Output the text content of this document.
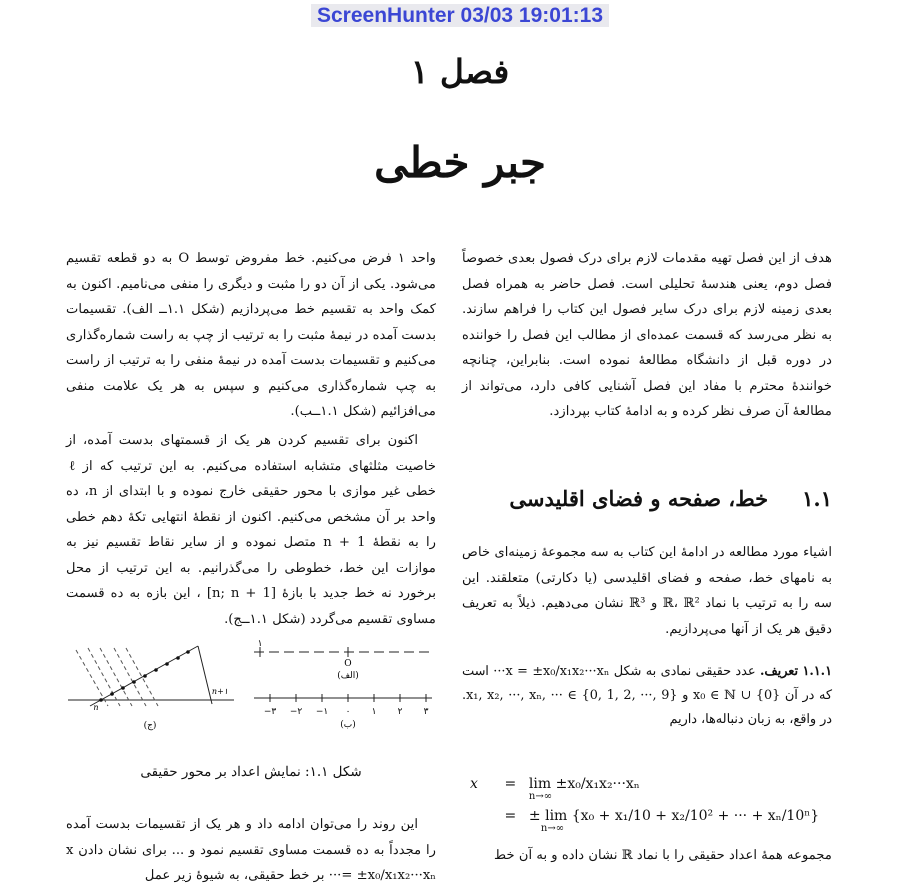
ScreenHunter 03/03 19:01:13
فصل ۱
جبر خطی

هدف از این فصل تهیه مقدمات لازم برای درک فصول بعدی خصوصاً فصل دوم، یعنی هندسهٔ تحلیلی است. فصل حاضر به همراه فصل بعدی زمینه لازم برای درک سایر فصول این کتاب را فراهم سازند. به نظر می‌رسد که قسمت عمده‌ای از مطالب این فصل را خواننده در دوره قبل از دانشگاه مطالعهٔ نموده است. بنابراین، چنانچه خوانندهٔ محترم با مفاد این فصل آشنایی کافی دارد، می‌تواند از مطالعهٔ آن صرف نظر کرده و به ادامهٔ کتاب بپردازد.

۱.۱خط، صفحه و فضای اقلیدسی

اشیاء مورد مطالعه در ادامهٔ این کتاب به سه مجموعهٔ زمینه‌ای خاص به نامهای خط، صفحه و فضای اقلیدسی (یا دکارتی) متعلقند. این سه را به ترتیب با نماد ℝ، ℝ² و ℝ³ نشان می‌دهیم. ذیلاً به تعریف دقیق هر یک از آنها می‌پردازیم.

۱.۱.۱ تعریف. عدد حقیقی نمادی به شکل x = ±x₀/x₁x₂···xₙ··· است که در آن x₀ ∈ ℕ ∪ {0} و x₁, x₂, ···, xₙ, ··· ∈ {0, 1, 2, ···, 9}. در واقع، به زبان دنباله‌ها، داریم

x = lim ±x₀/x₁x₂···xₙ
n→∞
= ± lim {x₀ + x₁/10 + x₂/10² + ··· + xₙ/10ⁿ}
n→∞

مجموعه همهٔ اعداد حقیقی را با نماد ℝ نشان داده و به آن خط

واحد ۱ فرض می‌کنیم. خط مفروض توسط O به دو قطعه تقسیم می‌شود. یکی از آن دو را مثبت و دیگری را منفی می‌نامیم. اکنون به کمک واحد به تقسیم خط می‌پردازیم (شکل ۱.۱ــ الف). تقسیمات بدست آمده در نیمهٔ مثبت را به ترتیب از چپ به راست شماره‌گذاری می‌کنیم و تقسیمات بدست آمده در نیمهٔ منفی را به ترتیب از راست به چپ شماره‌گذاری می‌کنیم و سپس به هر یک علامت منفی می‌افزائیم (شکل ۱.۱ــب).

اکنون برای تقسیم کردن هر یک از قسمتهای بدست آمده، از خاصیت مثلثهای متشابه استفاده می‌کنیم. به این ترتیب که از ℓ خطی غیر موازی با محور حقیقی خارج نموده و با ابتدای از n، ده واحد بر آن مشخص می‌کنیم. اکنون از نقطهٔ انتهایی تکهٔ دهم خطی را به نقطهٔ n + 1 متصل نموده و از سایر نقاط تقسیم نیز به موازات این خط، خطوطی را می‌گذرانیم. به این ترتیب از محل برخورد نه خط جدید با بازهٔ [n; n + 1] ، این بازه به ده قسمت مساوی تقسیم می‌گردد (شکل ۱.۱ــج).

O
۱
(الف)
−۳ −۲ −۱ ۰ ۱ ۲ ۳
(ب)
n
n+۱
(ج)
شکل ۱.۱: نمایش اعداد بر محور حقیقی

این روند را می‌توان ادامه داد و هر یک از تقسیمات بدست آمده را مجدداً به ده قسمت مساوی تقسیم نمود و ... برای نشان دادن x = ±x₀/x₁x₂···xₙ··· بر خط حقیقی، به شیوهٔ زیر عمل
